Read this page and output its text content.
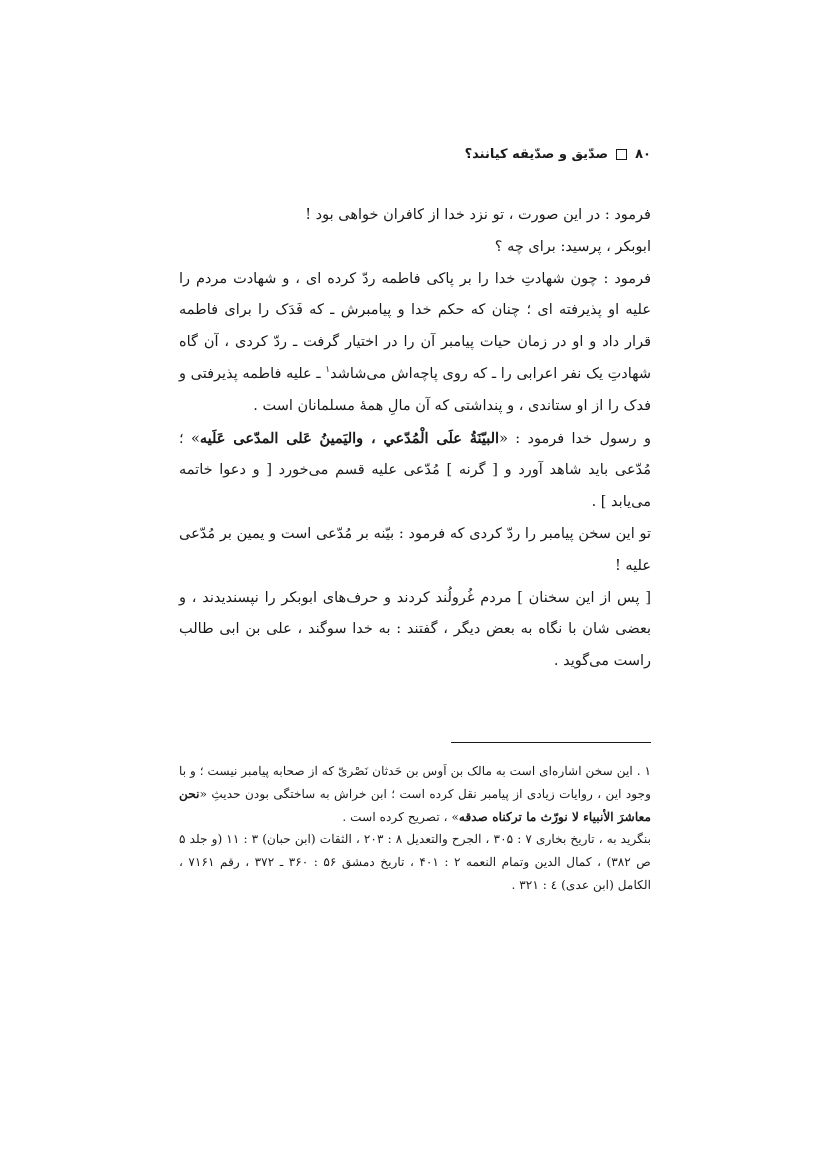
۸۰
صدّیق و صدّیقه کیانند؟

فرمود : در این صورت ، تو نزد خدا از کافران خواهی بود !

ابوبکر ، پرسید: برای چه ؟

فرمود : چون شهادتِ خدا را بر پاکی فاطمه ردّ کرده ای ، و شهادت مردم را علیه او پذیرفته ای ؛ چنان که حکم خدا و پیامبرش ـ که فَدَک را برای فاطمه قرار داد و او در زمان حیات پیامبر آن را در اختیار گرفت ـ ردّ کردی ، آن گاه شهادتِ یک نفر اعرابی را ـ که روی پاچه‌اش می‌شاشد$^۱$ ـ علیه فاطمه پذیرفتی و فدک را از او ستاندی ، و پنداشتی که آن مالِ همهٔ مسلمانان است .

و رسول خدا فرمود : «البیّنَةُ علَی الْمُدّعي ، والیَمینُ عَلی المدّعی عَلَیه» ؛ مُدّعی باید شاهد آورد و [ گرنه ] مُدّعی علیه قسم می‌خورد [ و دعوا خاتمه می‌یابد ] .

تو این سخن پیامبر را ردّ کردی که فرمود : بیّنه بر مُدّعی است و یمین بر مُدّعی علیه !

[ پس از این سخنان ] مردم غُرولُند کردند و حرف‌های ابوبکر را نپسندیدند ، و بعضی شان با نگاه به بعض دیگر ، گفتند : به خدا سوگند ، علی بن ابی طالب راست می‌گوید .

۱ . این سخن اشاره‌ای است به مالک بن اَوس بن حَدثان نَصْریّ که از صحابه پیامبر نیست ؛ و با وجود این ، روایات زیادی از پیامبر نقل کرده است ؛ ابن خراش به ساختگی بودن حدیثِ «نحن معاشرَ الأنبیاء لا نورّث ما ترکناه صدقه» ، تصریح کرده است .

بنگرید به ، تاریخ بخاری ۷ : ۳۰۵ ، الجرح والتعدیل ۸ : ۲۰۳ ، الثقات (ابن حبان) ۳ : ۱۱ (و جلد ۵ ص ۳۸۲) ، کمال الدین وتمام النعمه ۲ : ۴۰۱ ، تاریخ دمشق ۵۶ : ۳۶۰ ـ ۳۷۲ ، رقم ۷۱۶۱ ، الکامل (ابن عدی) ٤ : ۳۲۱ .
